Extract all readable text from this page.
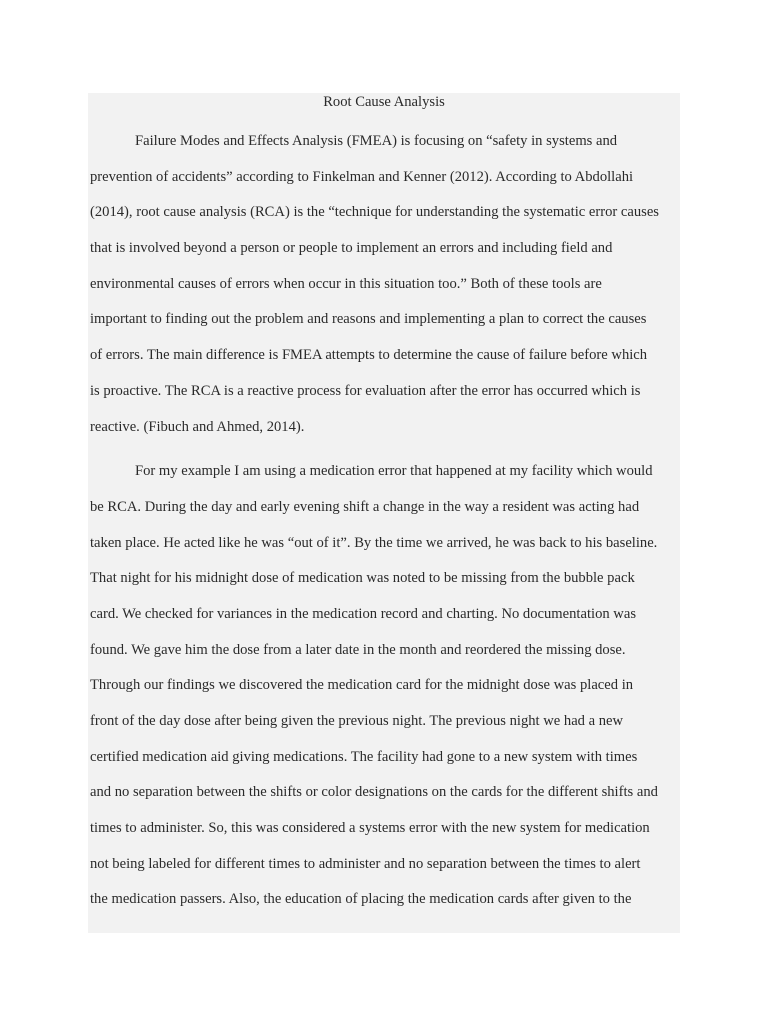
Root Cause Analysis

Failure Modes and Effects Analysis (FMEA) is focusing on “safety in systems and
prevention of accidents” according to Finkelman and Kenner (2012). According to Abdollahi
(2014), root cause analysis (RCA) is the “technique for understanding the systematic error causes
that is involved beyond a person or people to implement an errors and including field and
environmental causes of errors when occur in this situation too.” Both of these tools are
important to finding out the problem and reasons and implementing a plan to correct the causes
of errors. The main difference is FMEA attempts to determine the cause of failure before which
is proactive. The RCA is a reactive process for evaluation after the error has occurred which is
reactive. (Fibuch and Ahmed, 2014).

For my example I am using a medication error that happened at my facility which would
be RCA. During the day and early evening shift a change in the way a resident was acting had
taken place. He acted like he was “out of it”. By the time we arrived, he was back to his baseline.
That night for his midnight dose of medication was noted to be missing from the bubble pack
card. We checked for variances in the medication record and charting. No documentation was
found. We gave him the dose from a later date in the month and reordered the missing dose.
Through our findings we discovered the medication card for the midnight dose was placed in
front of the day dose after being given the previous night. The previous night we had a new
certified medication aid giving medications. The facility had gone to a new system with times
and no separation between the shifts or color designations on the cards for the different shifts and
times to administer. So, this was considered a systems error with the new system for medication
not being labeled for different times to administer and no separation between the times to alert
the medication passers. Also, the education of placing the medication cards after given to the
